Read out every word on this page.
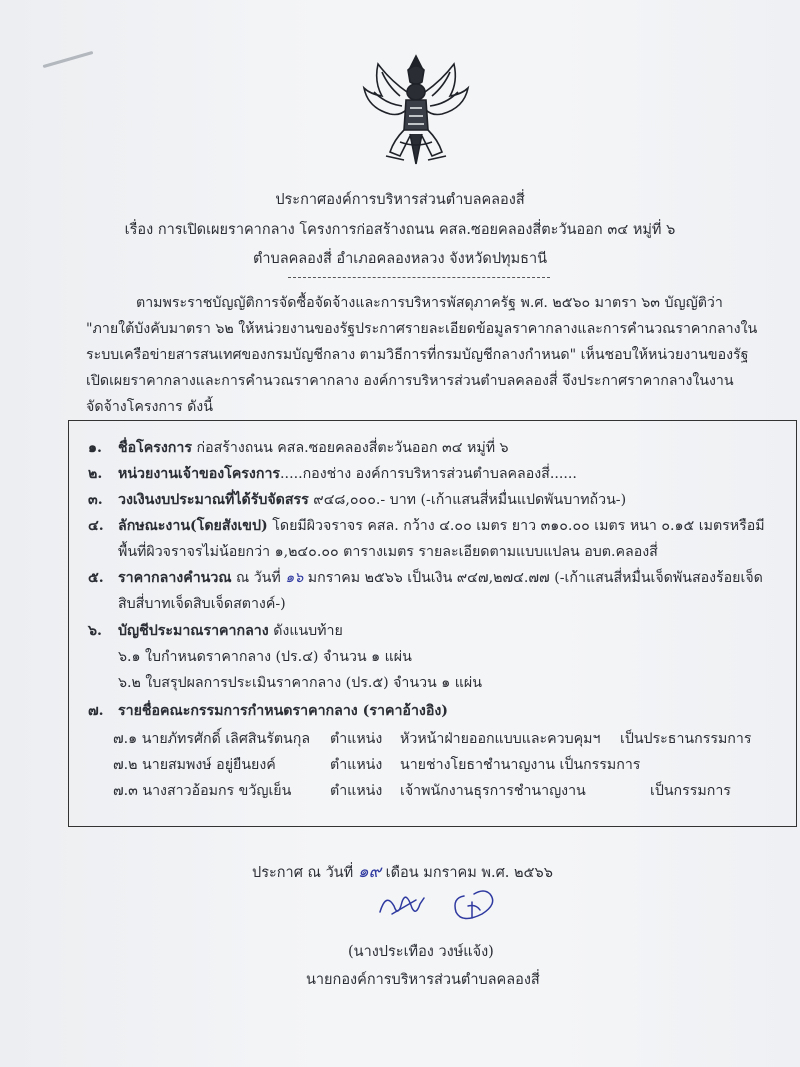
ประกาศองค์การบริหารส่วนตำบลคลองสี่
เรื่อง การเปิดเผยราคากลาง โครงการก่อสร้างถนน คสล.ซอยคลองสี่ตะวันออก ๓๔ หมู่ที่ ๖
ตำบลคลองสี่ อำเภอคลองหลวง จังหวัดปทุมธานี
ตามพระราชบัญญัติการจัดซื้อจัดจ้างและการบริหารพัสดุภาครัฐ พ.ศ. ๒๕๖๐ มาตรา ๖๓ บัญญัติว่า
"ภายใต้บังคับมาตรา ๖๒ ให้หน่วยงานของรัฐประกาศรายละเอียดข้อมูลราคากลางและการคำนวณราคากลางใน
ระบบเครือข่ายสารสนเทศของกรมบัญชีกลาง ตามวิธีการที่กรมบัญชีกลางกำหนด" เห็นชอบให้หน่วยงานของรัฐ
เปิดเผยราคากลางและการคำนวณราคากลาง องค์การบริหารส่วนตำบลคลองสี่ จึงประกาศราคากลางในงาน
จัดจ้างโครงการ ดังนี้
๑. ชื่อโครงการ ก่อสร้างถนน คสล.ซอยคลองสี่ตะวันออก ๓๔ หมู่ที่ ๖
๒. หน่วยงานเจ้าของโครงการ.....กองช่าง องค์การบริหารส่วนตำบลคลองสี่......
๓. วงเงินงบประมาณที่ได้รับจัดสรร ๙๔๘,๐๐๐.- บาท (-เก้าแสนสี่หมื่นแปดพันบาทถ้วน-)
๔. ลักษณะงาน(โดยสังเขป) โดยมีผิวจราจร คสล. กว้าง ๔.๐๐ เมตร ยาว ๓๑๐.๐๐ เมตร หนา ๐.๑๕ เมตรหรือมี
พื้นที่ผิวจราจรไม่น้อยกว่า ๑,๒๔๐.๐๐ ตารางเมตร รายละเอียดตามแบบแปลน อบต.คลองสี่
๕. ราคากลางคำนวณ ณ วันที่ ๑๖ มกราคม ๒๕๖๖ เป็นเงิน ๙๔๗,๒๗๔.๗๗ (-เก้าแสนสี่หมื่นเจ็ดพันสองร้อยเจ็ด
สิบสี่บาทเจ็ดสิบเจ็ดสตางค์-)
๖. บัญชีประมาณราคากลาง ดังแนบท้าย
๖.๑ ใบกำหนดราคากลาง (ปร.๔) จำนวน ๑ แผ่น
๖.๒ ใบสรุปผลการประเมินราคากลาง (ปร.๕) จำนวน ๑ แผ่น
๗. รายชื่อคณะกรรมการกำหนดราคากลาง (ราคาอ้างอิง)
๗.๑ นายภัทรศักดิ์ เลิศสินรัตนกุล ตำแหน่ง หัวหน้าฝ่ายออกแบบและควบคุมฯ เป็นประธานกรรมการ
๗.๒ นายสมพงษ์ อยู่ยืนยงค์	ตำแหน่ง นายช่างโยธาชำนาญงาน เป็นกรรมการ
๗.๓ นางสาวอ้อมกร ขวัญเย็น	ตำแหน่ง เจ้าพนักงานธุรการชำนาญงาน	เป็นกรรมการ
ประกาศ ณ วันที่ ๑๙ เดือน มกราคม พ.ศ. ๒๕๖๖
(นางประเทือง วงษ์แจ้ง)
นายกองค์การบริหารส่วนตำบลคลองสี่
